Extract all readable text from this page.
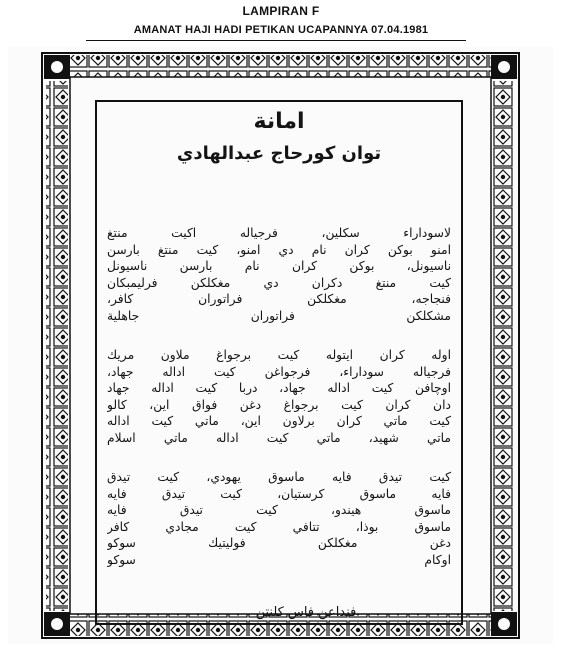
LAMPIRAN F
AMANAT HAJI HADI PETIKAN UCAPANNYA 07.04.1981
امانة
توان كورحاج عبدالهادي
لاسوداراء سكلين، فرجياله اكيت منتغ
امنو بوكن كران نام دي امنو، كيت منتغ بارسن
ناسيونل، بوكن كران نام بارسن ناسيونل
كيت منتغ دكران دي مغكلكن فرليمبكان
فنجاجه، مغكلكن فراتوران كافر،
مشكلكن فراتوران جاهلية
اوله كران ايتوله كيت برجواغ ملاون مريك
فرجياله سوداراء، فرجواغن كيت اداله جهاد،
اوچافن كيت اداله جهاد، دربا كيت اداله جهاد
دان كران كيت برجواغ دغن فواق اين، كالو
كيت ماتي كران برلاون اين، ماتي كيت اداله
ماتي شهيد، ماتي كيت اداله ماتي اسلام
كيت تيدق فايه ماسوق يهودي، كيت تيدق
فايه ماسوق كرستيان، كيت تيدق فايه
ماسوق هيندو، كيت تيدق فايه
ماسوق بوذا، تتافي كيت مجادي كافر
دغن مغكلكن فوليتيك سوكو
اوكام سوكو
فنداعن فاس كلنتن
